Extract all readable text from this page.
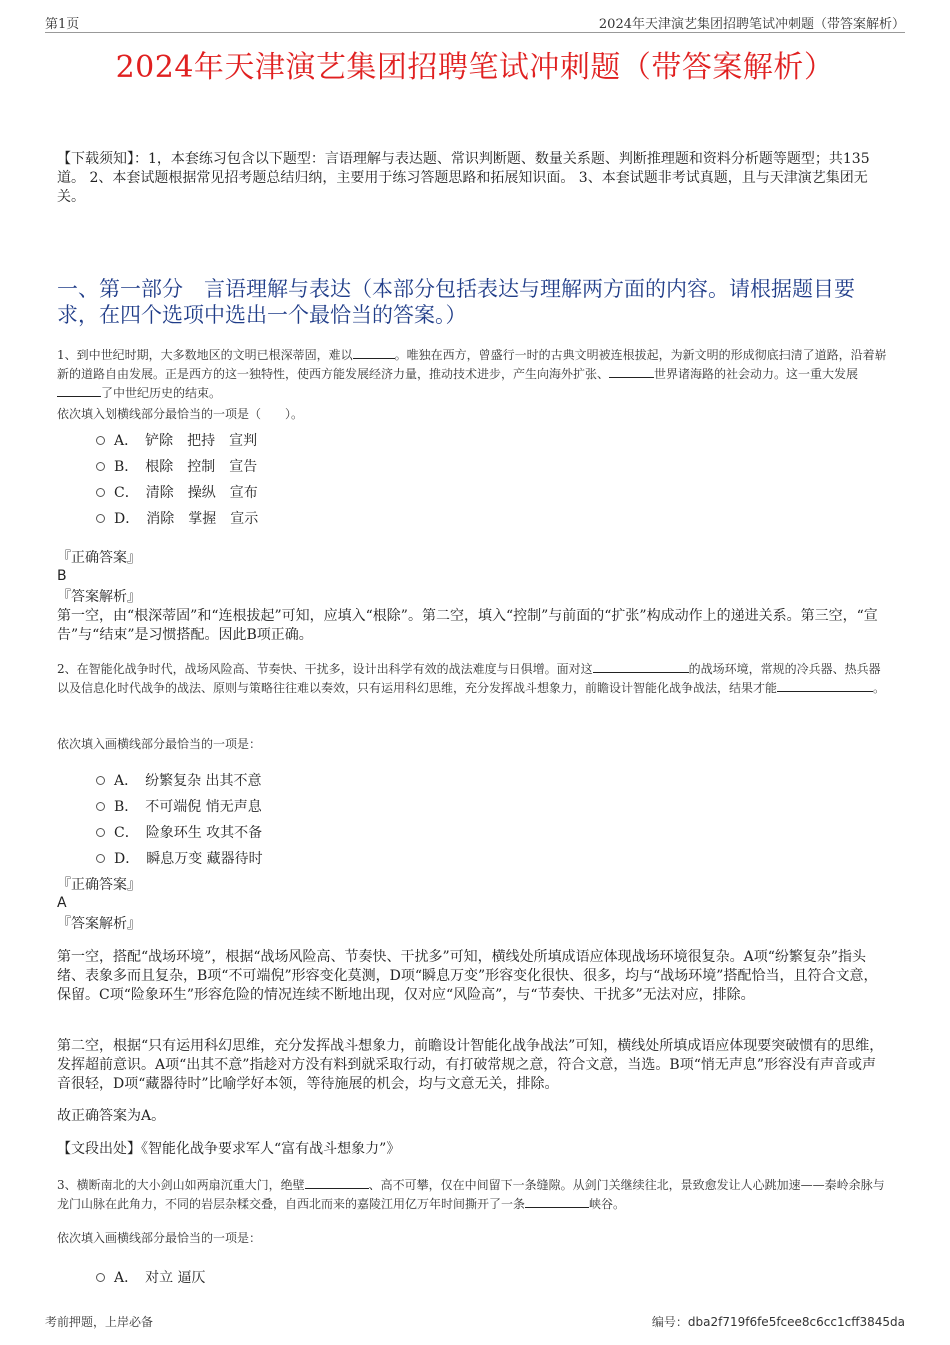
第1页	2024年天津演艺集团招聘笔试冲刺题（带答案解析）
2024年天津演艺集团招聘笔试冲刺题（带答案解析）
【下载须知】：1，本套练习包含以下题型：言语理解与表达题、常识判断题、数量关系题、判断推理题和资料分析题等题型；共135道。 2、本套试题根据常见招考题总结归纳，主要用于练习答题思路和拓展知识面。 3、本套试题非考试真题，且与天津演艺集团无关。
一、第一部分　言语理解与表达（本部分包括表达与理解两方面的内容。请根据题目要求，在四个选项中选出一个最恰当的答案。）
1、到中世纪时期，大多数地区的文明已根深蒂固，难以	。唯独在西方，曾盛行一时的古典文明被连根拔起，为新文明的形成彻底扫清了道路，沿着崭新的道路自由发展。正是西方的这一独特性，使西方能发展经济力量，推动技术进步，产生向海外扩张、	世界诸海路的社会动力。这一重大发展了中世纪历史的结束。
依次填入划横线部分最恰当的一项是（　　）。
A．　铲除　把持　宣判
B．　根除　控制　宣告
C．　清除　操纵　宣布
D．　消除　掌握　宣示
『正确答案』
B
『答案解析』
第一空，由“根深蒂固”和“连根拔起”可知，应填入“根除”。第二空，填入“控制”与前面的“扩张”构成动作上的递进关系。第三空，“宣告”与“结束”是习惯搭配。因此B项正确。
2、在智能化战争时代，战场风险高、节奏快、干扰多，设计出科学有效的战法难度与日俱增。面对这	的战场环境，常规的冷兵器、热兵器以及信息化时代战争的战法、原则与策略往往难以奏效，只有运用科幻思维，充分发挥战斗想象力，前瞻设计智能化战争战法，结果才能	。
依次填入画横线部分最恰当的一项是：
A．　纷繁复杂 出其不意
B．　不可端倪 悄无声息
C．　险象环生 攻其不备
D．　瞬息万变 藏器待时
『正确答案』
A
『答案解析』
第一空，搭配“战场环境”，根据“战场风险高、节奏快、干扰多”可知，横线处所填成语应体现战场环境很复杂。A项“纷繁复杂”指头绪、表象多而且复杂，B项“不可端倪”形容变化莫测，D项“瞬息万变”形容变化很快、很多，均与“战场环境”搭配恰当，且符合文意，保留。C项“险象环生”形容危险的情况连续不断地出现，仅对应“风险高”，与“节奏快、干扰多”无法对应，排除。
第二空，根据“只有运用科幻思维，充分发挥战斗想象力，前瞻设计智能化战争战法”可知，横线处所填成语应体现要突破惯有的思维，发挥超前意识。A项“出其不意”指趁对方没有料到就采取行动，有打破常规之意，符合文意，当选。B项“悄无声息”形容没有声音或声音很轻，D项“藏器待时”比喻学好本领，等待施展的机会，均与文意无关，排除。
故正确答案为A。
【文段出处】《智能化战争要求军人“富有战斗想象力”》
3、横断南北的大小剑山如两扇沉重大门，绝壁	、高不可攀，仅在中间留下一条缝隙。从剑门关继续往北，景致愈发让人心跳加速——秦岭余脉与龙门山脉在此角力，不同的岩层杂糅交叠，自西北而来的嘉陵江用亿万年时间撕开了一条	峡谷。
依次填入画横线部分最恰当的一项是：
A．　对立 逼仄
考前押题，上岸必备	编号：dba2f719f6fe5fcee8c6cc1cff3845da
